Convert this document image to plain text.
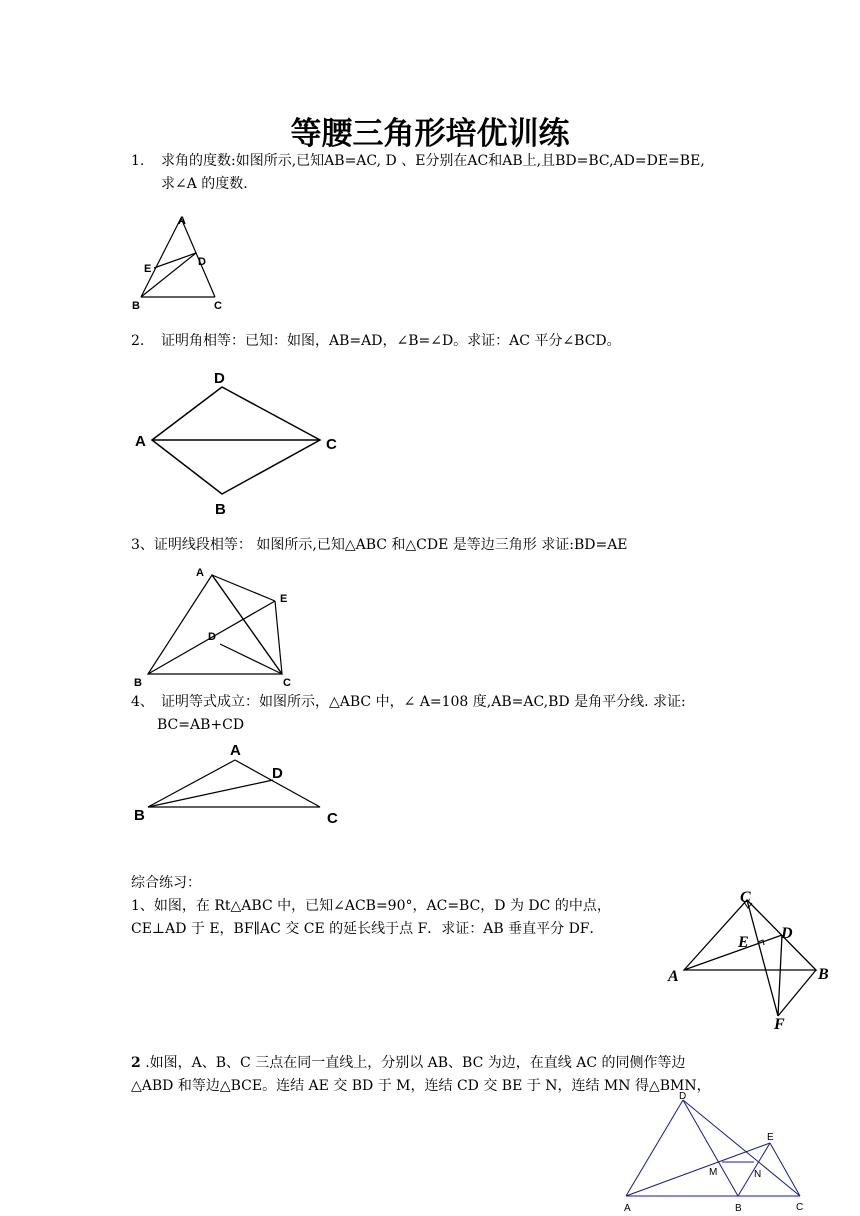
等腰三角形培优训练
1. 求角的度数:如图所示,已知AB=AC, D 、E分别在AC和AB上,且BD=BC,AD=DE=BE,
求∠A 的度数.
A
E
D
B	C
2. 证明角相等：已知：如图，AB=AD，∠B=∠D。求证：AC 平分∠BCD。
D
A	C
B
3、证明线段相等： 如图所示,已知△ABC 和△CDE 是等边三角形 求证:BD=AE
A
E
D
B	C
4、 证明等式成立：如图所示，△ABC 中，∠ A=108 度,AB=AC,BD 是角平分线. 求证:
BC=AB+CD
A
D
B	C
综合练习：
1、如图，在 Rt△ABC 中，已知∠ACB=90°，AC=BC，D 为 DC 的中点，
CE⊥AD 于 E，BF∥AC 交 CE 的延长线于点 F．求证：AB 垂直平分 DF．
C
D
E
A	B
F
2 .如图，A、B、C 三点在同一直线上，分别以 AB、BC 为边，在直线 AC 的同侧作等边
△ABD 和等边△BCE。连结 AE 交 BD 于 M，连结 CD 交 BE 于 N，连结 MN 得△BMN，
D
E
M	N
A	B	C
